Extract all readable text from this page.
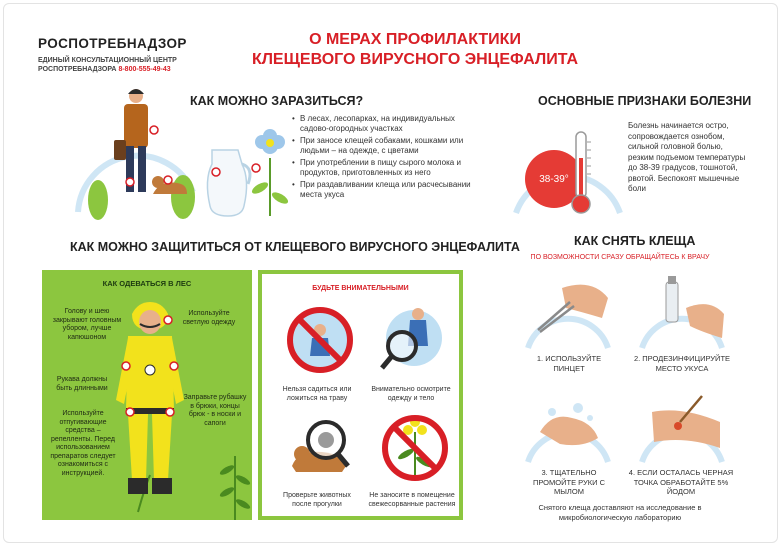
РОСПОТРЕБНАДЗОР
ЕДИНЫЙ КОНСУЛЬТАЦИОННЫЙ ЦЕНТР
РОСПОТРЕБНАДЗОРА 8-800-555-49-43
О МЕРАХ ПРОФИЛАКТИКИ
КЛЕЩЕВОГО ВИРУСНОГО ЭНЦЕФАЛИТА
КАК МОЖНО ЗАРАЗИТЬСЯ?
• В лесах, лесопарках, на индивидуальных садово-огородных участках
• При заносе клещей собаками, кошками или людьми – на одежде, с цветами
• При употреблении в пищу сырого молока и продуктов, приготовленных из него
• При раздавливании клеща или расчесывании места укуса
ОСНОВНЫЕ ПРИЗНАКИ БОЛЕЗНИ
38-39°
Болезнь начинается остро, сопровождается ознобом, сильной головной болью, резким подъемом температуры до 38-39 градусов, тошнотой, рвотой. Беспокоят мышечные боли
КАК МОЖНО ЗАЩИТИТЬСЯ ОТ КЛЕЩЕВОГО ВИРУСНОГО ЭНЦЕФАЛИТА
КАК ОДЕВАТЬСЯ В ЛЕС
Голову и шею закрывают головным убором, лучше капюшоном
Используйте светлую одежду
Рукава должны быть длинными
Заправьте рубашку в брюки, концы брюк - в носки и сапоги
Используйте отпугивающие средства – репелленты. Перед использованием препаратов следует ознакомиться с инструкцией.
БУДЬТЕ ВНИМАТЕЛЬНЫМИ
Нельзя садиться или ложиться на траву
Внимательно осмотрите одежду и тело
Проверьте животных после прогулки
Не заносите в помещение свежесорванные растения
КАК СНЯТЬ КЛЕЩА
ПО ВОЗМОЖНОСТИ СРАЗУ ОБРАЩАЙТЕСЬ К ВРАЧУ
1. ИСПОЛЬЗУЙТЕ ПИНЦЕТ
2. ПРОДЕЗИНФИЦИРУЙТЕ МЕСТО УКУСА
3. ТЩАТЕЛЬНО ПРОМОЙТЕ РУКИ С МЫЛОМ
4. ЕСЛИ ОСТАЛАСЬ ЧЕРНАЯ ТОЧКА ОБРАБОТАЙТЕ 5% ЙОДОМ
Снятого клеща доставляют на исследование в микробиологическую лабораторию
